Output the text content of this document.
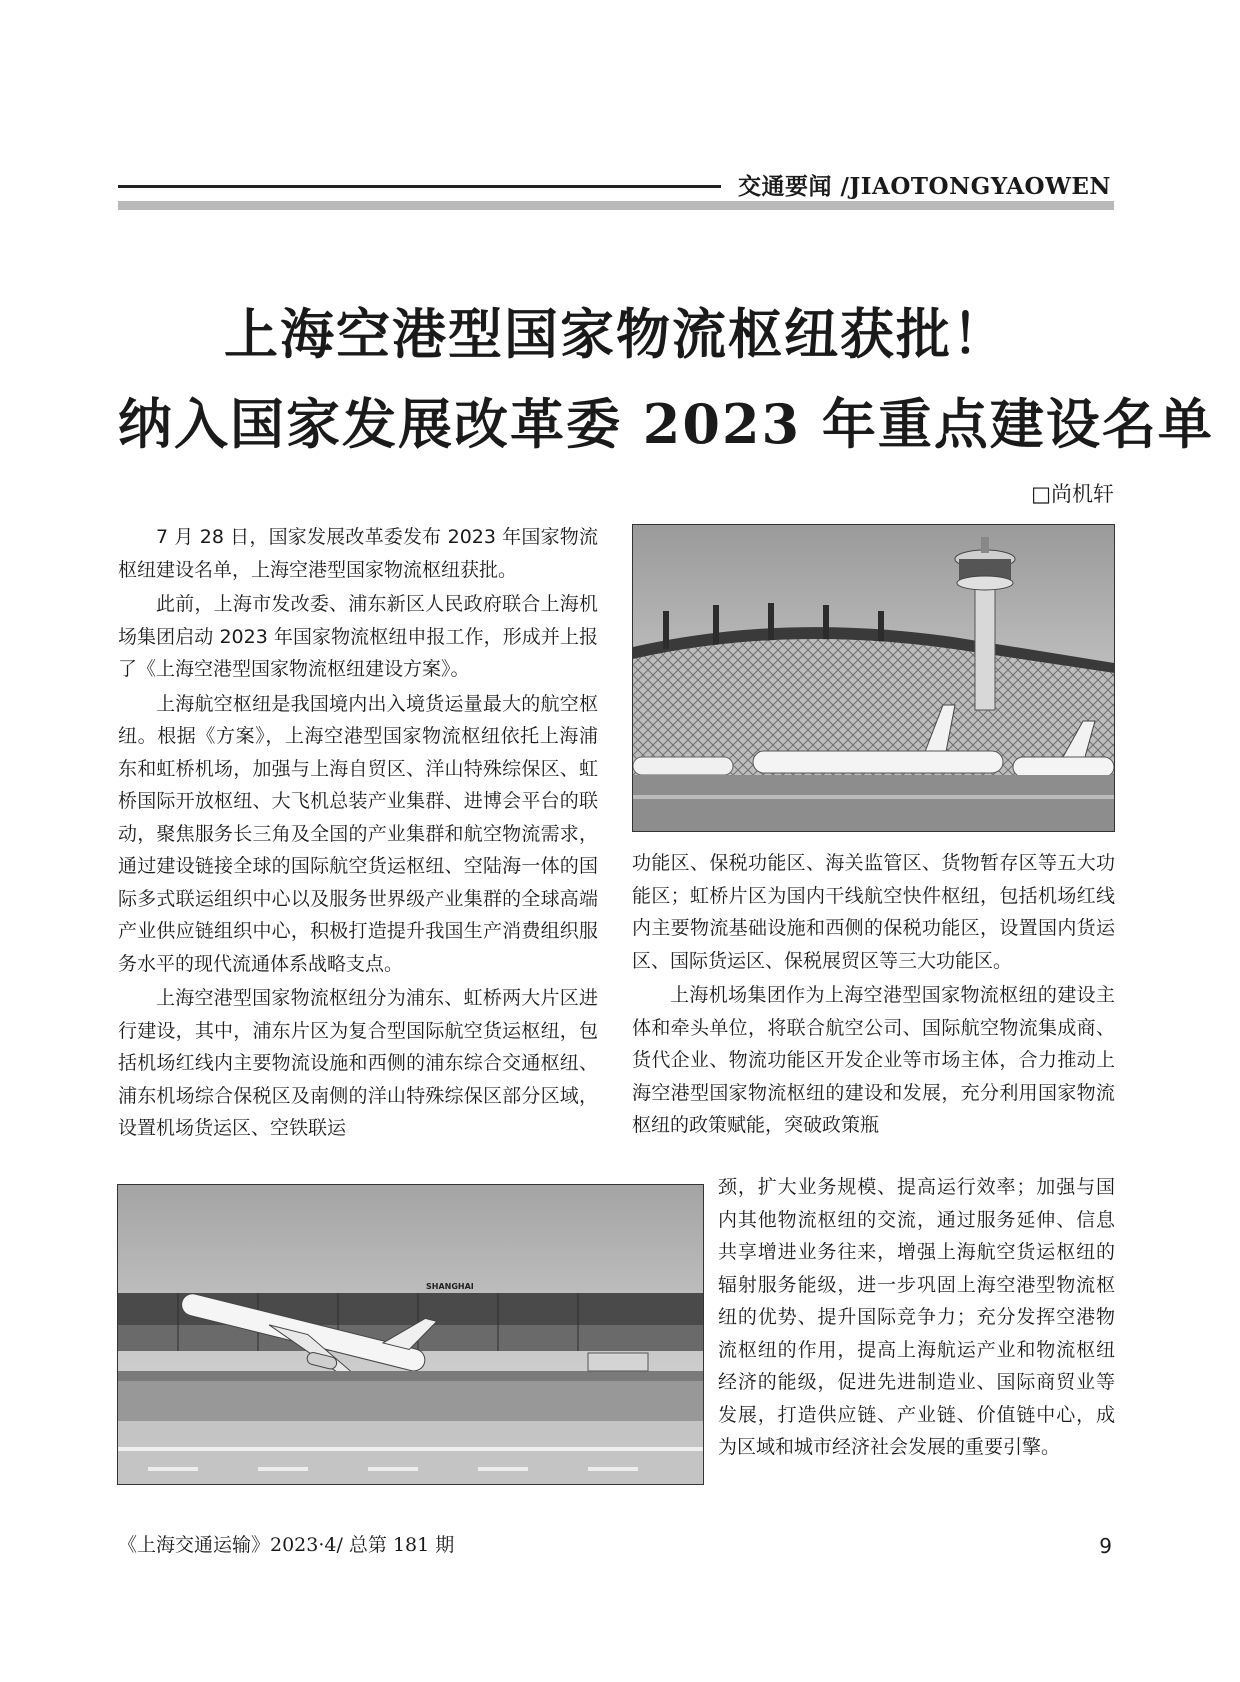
交通要闻 /JIAOTONGYAOWEN
上海空港型国家物流枢纽获批！
纳入国家发展改革委 2023 年重点建设名单
□尚机轩

7 月 28 日，国家发展改革委发布 2023 年国家物流枢纽建设名单，上海空港型国家物流枢纽获批。

此前，上海市发改委、浦东新区人民政府联合上海机场集团启动 2023 年国家物流枢纽申报工作，形成并上报了《上海空港型国家物流枢纽建设方案》。

上海航空枢纽是我国境内出入境货运量最大的航空枢纽。根据《方案》，上海空港型国家物流枢纽依托上海浦东和虹桥机场，加强与上海自贸区、洋山特殊综保区、虹桥国际开放枢纽、大飞机总装产业集群、进博会平台的联动，聚焦服务长三角及全国的产业集群和航空物流需求，通过建设链接全球的国际航空货运枢纽、空陆海一体的国际多式联运组织中心以及服务世界级产业集群的全球高端产业供应链组织中心，积极打造提升我国生产消费组织服务水平的现代流通体系战略支点。

上海空港型国家物流枢纽分为浦东、虹桥两大片区进行建设，其中，浦东片区为复合型国际航空货运枢纽，包括机场红线内主要物流设施和西侧的浦东综合交通枢纽、浦东机场综合保税区及南侧的洋山特殊综保区部分区域，设置机场货运区、空铁联运

功能区、保税功能区、海关监管区、货物暂存区等五大功能区；虹桥片区为国内干线航空快件枢纽，包括机场红线内主要物流基础设施和西侧的保税功能区，设置国内货运区、国际货运区、保税展贸区等三大功能区。

上海机场集团作为上海空港型国家物流枢纽的建设主体和牵头单位，将联合航空公司、国际航空物流集成商、货代企业、物流功能区开发企业等市场主体，合力推动上海空港型国家物流枢纽的建设和发展，充分利用国家物流枢纽的政策赋能，突破政策瓶

颈，扩大业务规模、提高运行效率；加强与国内其他物流枢纽的交流，通过服务延伸、信息共享增进业务往来，增强上海航空货运枢纽的辐射服务能级，进一步巩固上海空港型物流枢纽的优势、提升国际竞争力；充分发挥空港物流枢纽的作用，提高上海航运产业和物流枢纽经济的能级，促进先进制造业、国际商贸业等发展，打造供应链、产业链、价值链中心，成为区域和城市经济社会发展的重要引擎。

SHANGHAI
《上海交通运输》2023·4/ 总第 181 期	9
